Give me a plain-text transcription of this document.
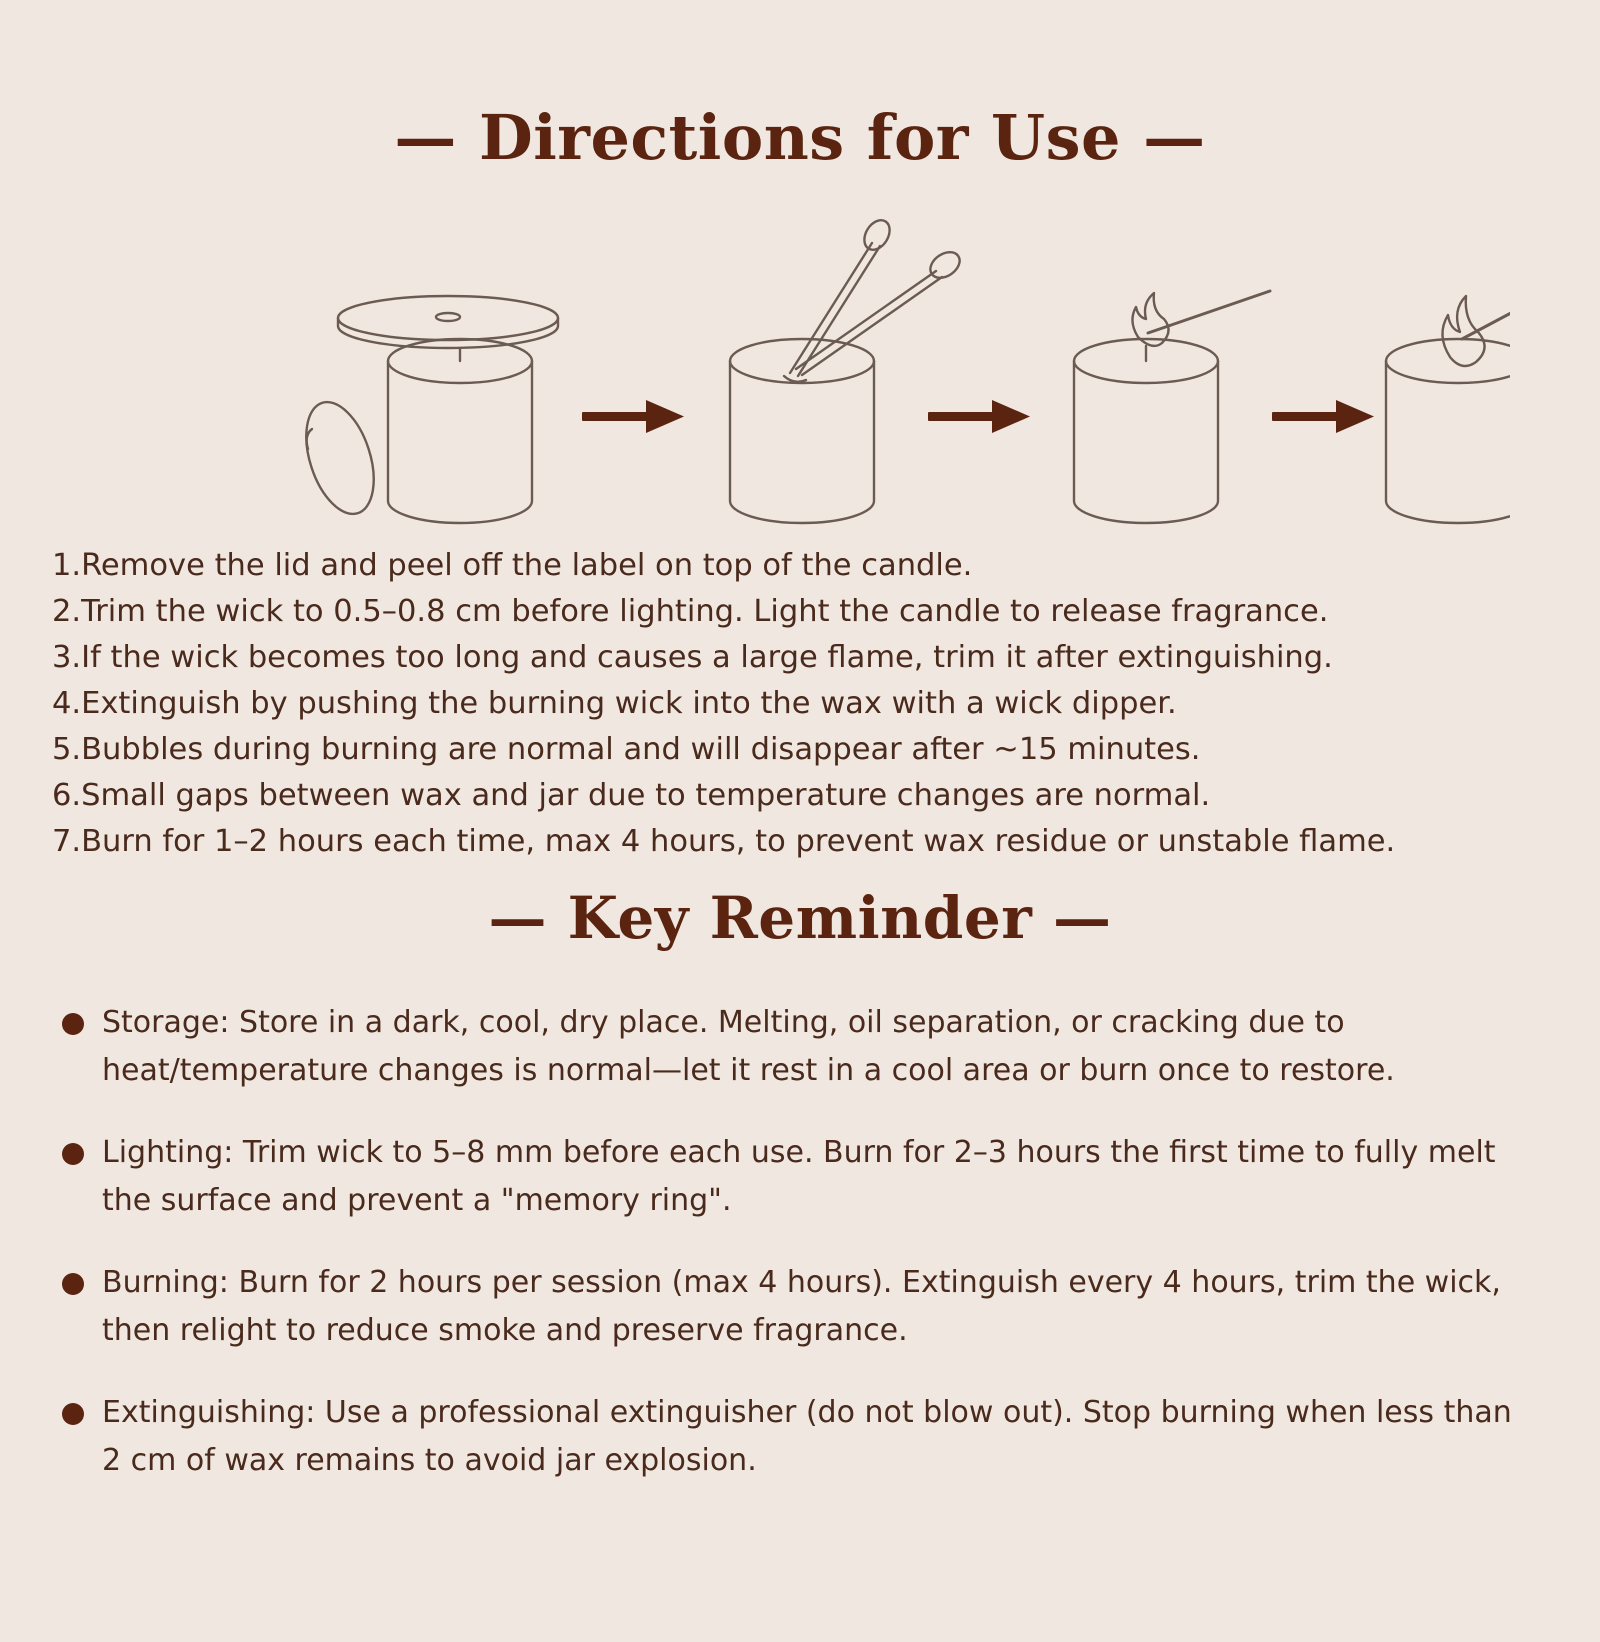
— Directions for Use —
1.Remove the lid and peel off the label on top of the candle.
2.Trim the wick to 0.5–0.8 cm before lighting. Light the candle to release fragrance.
3.If the wick becomes too long and causes a large flame, trim it after extinguishing.
4.Extinguish by pushing the burning wick into the wax with a wick dipper.
5.Bubbles during burning are normal and will disappear after ~15 minutes.
6.Small gaps between wax and jar due to temperature changes are normal.
7.Burn for 1–2 hours each time, max 4 hours, to prevent wax residue or unstable flame.
— Key Reminder —
Storage: Store in a dark, cool, dry place. Melting, oil separation, or cracking due to heat/temperature changes is normal—let it rest in a cool area or burn once to restore.
Lighting: Trim wick to 5–8 mm before each use. Burn for 2–3 hours the first time to fully melt the surface and prevent a "memory ring".
Burning: Burn for 2 hours per session (max 4 hours). Extinguish every 4 hours, trim the wick, then relight to reduce smoke and preserve fragrance.
Extinguishing: Use a professional extinguisher (do not blow out). Stop burning when less than 2 cm of wax remains to avoid jar explosion.
